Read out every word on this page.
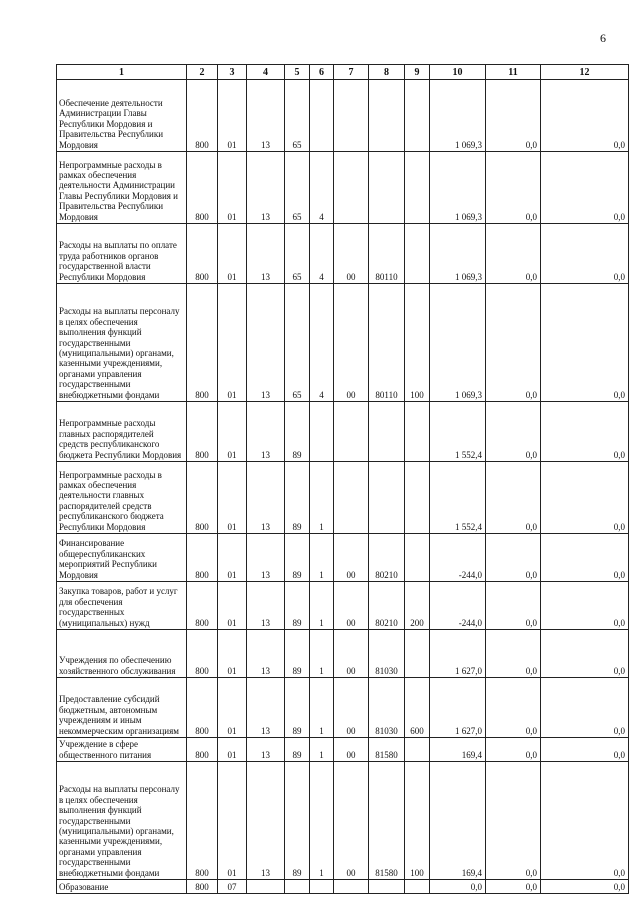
6
1	2	3	4	5	6	7	8	9	10	11	12
Обеспечение деятельности Администрации Главы Республики Мордовия и Правительства Республики Мордовия	800	01	13	65					1 069,3	0,0	0,0
Непрограммные расходы в рамках обеспечения деятельности Администрации Главы Республики Мордовия и Правительства Республики Мордовия	800	01	13	65	4				1 069,3	0,0	0,0
Расходы на выплаты по оплате труда работников органов государственной власти Республики Мордовия	800	01	13	65	4	00	80110		1 069,3	0,0	0,0
Расходы на выплаты персоналу в целях обеспечения выполнения функций государственными (муниципальными) органами, казенными учреждениями, органами управления государственными внебюджетными фондами	800	01	13	65	4	00	80110	100	1 069,3	0,0	0,0
Непрограммные расходы главных распорядителей средств республиканского бюджета Республики Мордовия	800	01	13	89					1 552,4	0,0	0,0
Непрограммные расходы в рамках обеспечения деятельности главных распорядителей средств республиканского бюджета Республики Мордовия	800	01	13	89	1				1 552,4	0,0	0,0
Финансирование общереспубликанских мероприятий Республики Мордовия	800	01	13	89	1	00	80210		-244,0	0,0	0,0
Закупка товаров, работ и услуг для обеспечения государственных (муниципальных) нужд	800	01	13	89	1	00	80210	200	-244,0	0,0	0,0
Учреждения по обеспечению хозяйственного обслуживания	800	01	13	89	1	00	81030		1 627,0	0,0	0,0
Предоставление субсидий бюджетным, автономным учреждениям и иным некоммерческим организациям	800	01	13	89	1	00	81030	600	1 627,0	0,0	0,0
Учреждение в сфере общественного питания	800	01	13	89	1	00	81580		169,4	0,0	0,0
Расходы на выплаты персоналу в целях обеспечения выполнения функций государственными (муниципальными) органами, казенными учреждениями, органами управления государственными внебюджетными фондами	800	01	13	89	1	00	81580	100	169,4	0,0	0,0
Образование	800	07							0,0	0,0	0,0
